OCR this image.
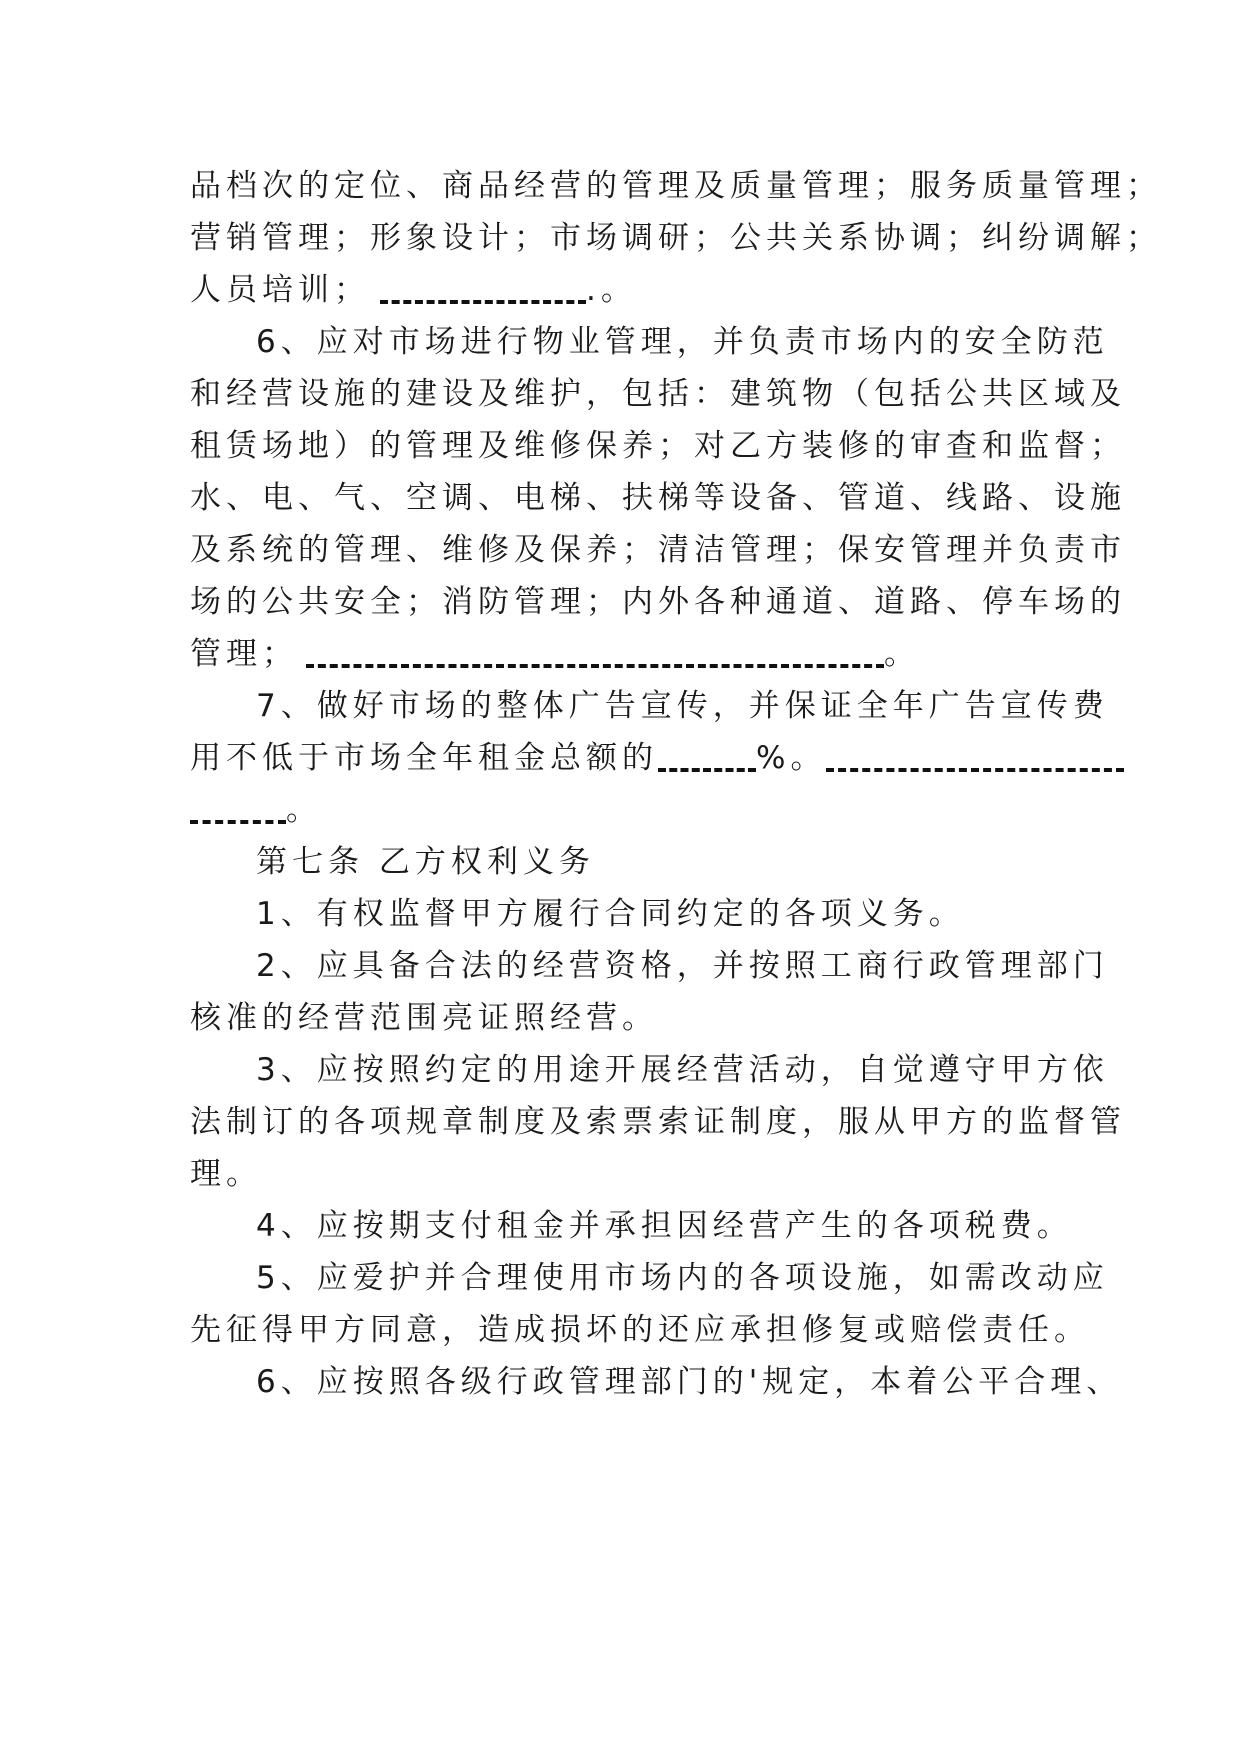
品档次的定位、商品经营的管理及质量管理；服务质量管理；
营销管理；形象设计；市场调研；公共关系协调；纠纷调解；
人员培训；	.。
6、应对市场进行物业管理，并负责市场内的安全防范
和经营设施的建设及维护，包括：建筑物（包括公共区域及
租赁场地）的管理及维修保养；对乙方装修的审查和监督；
水、电、气、空调、电梯、扶梯等设备、管道、线路、设施
及系统的管理、维修及保养；清洁管理；保安管理并负责市
场的公共安全；消防管理；内外各种通道、道路、停车场的
管理；	。
7、做好市场的整体广告宣传，并保证全年广告宣传费
用不低于市场全年租金总额的	%。
。
第七条 乙方权利义务
1、有权监督甲方履行合同约定的各项义务。
2、应具备合法的经营资格，并按照工商行政管理部门
核准的经营范围亮证照经营。
3、应按照约定的用途开展经营活动，自觉遵守甲方依
法制订的各项规章制度及索票索证制度，服从甲方的监督管
理。
4、应按期支付租金并承担因经营产生的各项税费。
5、应爱护并合理使用市场内的各项设施，如需改动应
先征得甲方同意，造成损坏的还应承担修复或赔偿责任。
6、应按照各级行政管理部门的'规定，本着公平合理、
